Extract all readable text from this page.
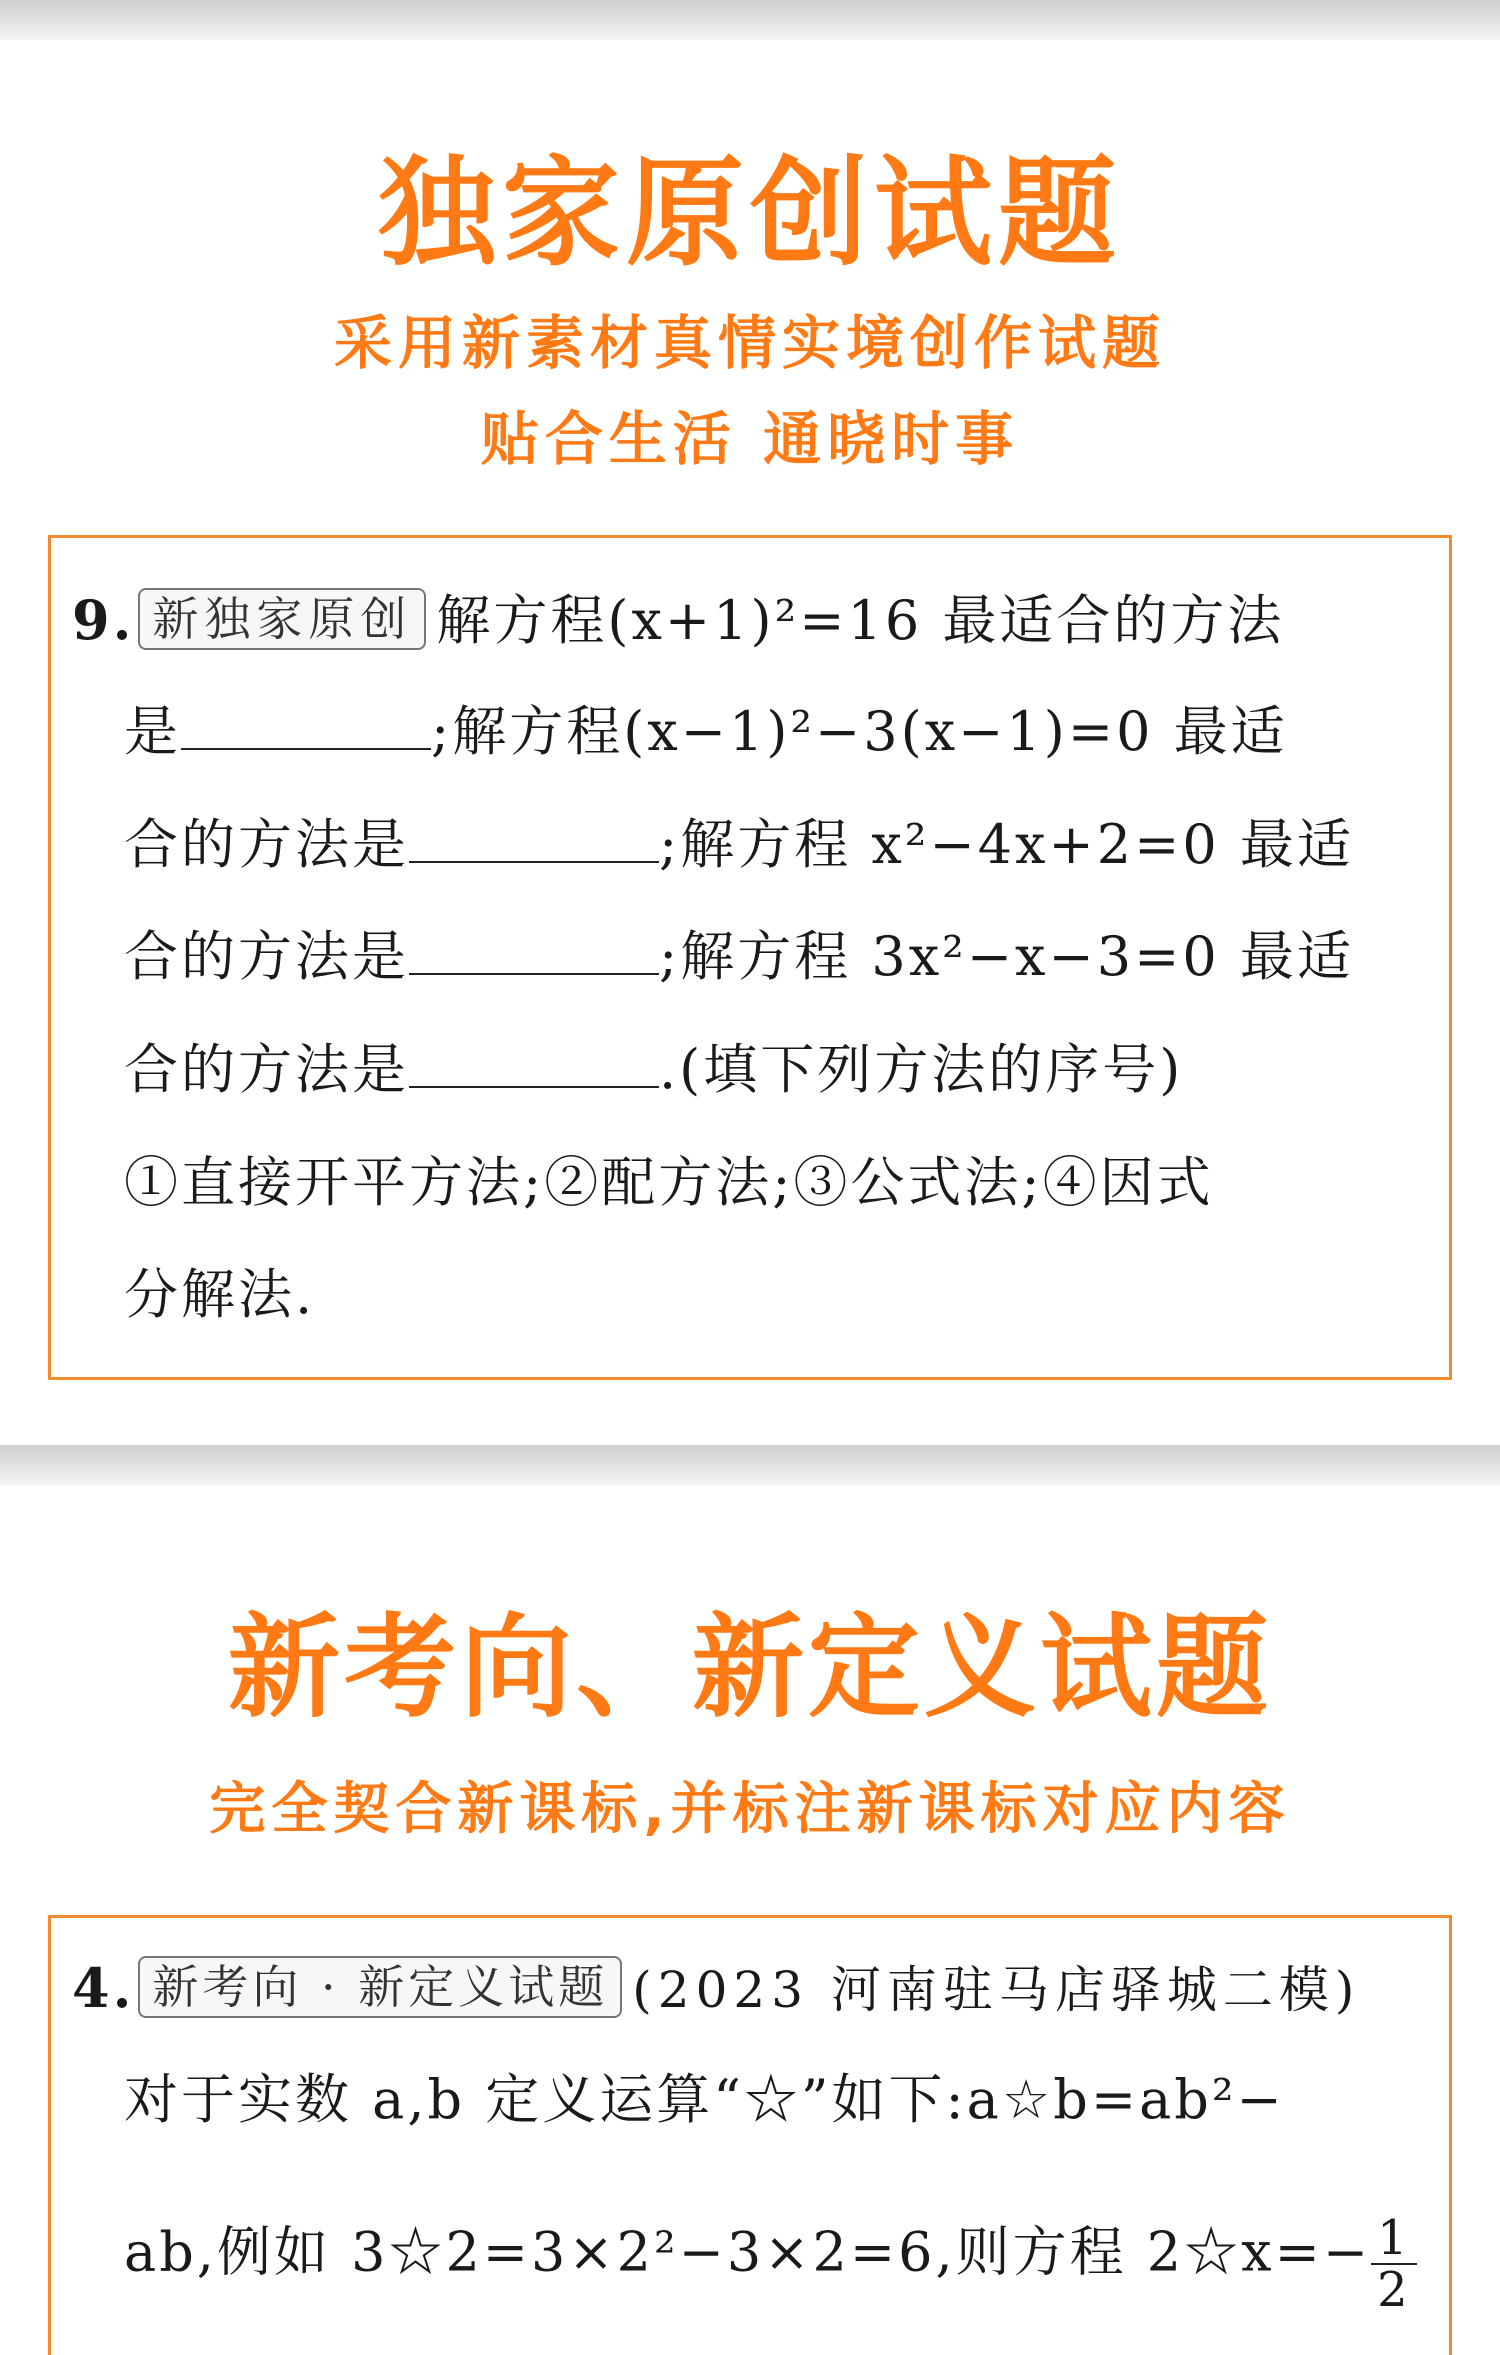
独家原创试题

采用新素材真情实境创作试题

贴合生活 通晓时事

9. 新独家原创 解方程(x+1)²=16 最适合的方法
是	;解方程(x−1)²−3(x−1)=0 最适
合的方法是	;解方程 x²−4x+2=0 最适
合的方法是	;解方程 3x²−x−3=0 最适
合的方法是	.(填下列方法的序号)
①直接开平方法;②配方法;③公式法;④因式
分解法.
新考向、新定义试题

完全契合新课标,并标注新课标对应内容

4. 新考向 · 新定义试题 (2023 河南驻马店驿城二模)
对于实数 a,b 定义运算“☆”如下:a☆b=ab²−
ab,例如 3☆2=3×2²−3×2=6,则方程 2☆x=− $\frac{1}{2}$
